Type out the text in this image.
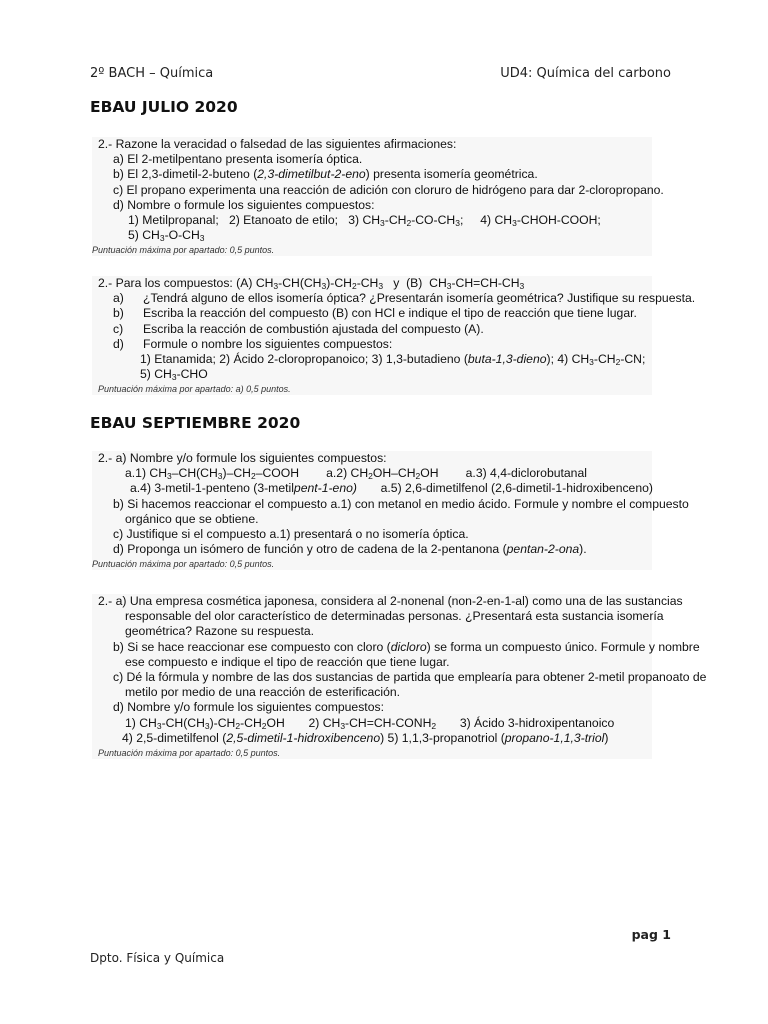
2º BACH – Química	UD4: Química del carbono
EBAU JULIO 2020
2.- Razone la veracidad o falsedad de las siguientes afirmaciones:
a) El 2-metilpentano presenta isomería óptica.
b) El 2,3-dimetil-2-buteno (2,3-dimetilbut-2-eno) presenta isomería geométrica.
c) El propano experimenta una reacción de adición con cloruro de hidrógeno para dar 2-cloropropano.
d) Nombre o formule los siguientes compuestos:
1) Metilpropanal; 2) Etanoato de etilo; 3) $CH_3-CH_2-CO-CH_3$;     4) $CH_3-CHOH$-COOH;
5) $CH_3-O-CH_3$
Puntuación máxima por apartado: 0,5 puntos.
2.- Para los compuestos: (A) $CH_3-CH(CH_3)-CH_2-CH_3$   y  (B)  $CH_3-CH=CH-CH_3$
a) ¿Tendrá alguno de ellos isomería óptica? ¿Presentarán isomería geométrica? Justifique su respuesta.
b) Escriba la reacción del compuesto (B) con HCl e indique el tipo de reacción que tiene lugar.
c) Escriba la reacción de combustión ajustada del compuesto (A).
d) Formule o nombre los siguientes compuestos:
1) Etanamida; 2) Ácido 2-cloropropanoico; 3) 1,3-butadieno (buta-1,3-dieno); 4) $CH_3-CH_2-CN$;
5) $CH_3$-CHO
Puntuación máxima por apartado: a) 0,5 puntos.
EBAU SEPTIEMBRE 2020
2.- a) Nombre y/o formule los siguientes compuestos:
a.1) $CH_3-CH(CH_3)-CH_2$–COOH        a.2) $CH_2OH-CH_2OH$        a.3) 4,4-diclorobutanal
a.4) 3-metil-1-penteno (3-metilpent-1-eno) a.5) 2,6-dimetilfenol (2,6-dimetil-1-hidroxibenceno)
b) Si hacemos reaccionar el compuesto a.1) con metanol en medio ácido. Formule y nombre el compuesto
orgánico que se obtiene.
c) Justifique si el compuesto a.1) presentará o no isomería óptica.
d) Proponga un isómero de función y otro de cadena de la 2-pentanona (pentan-2-ona).
Puntuación máxima por apartado: 0,5 puntos.
2.- a) Una empresa cosmética japonesa, considera al 2-nonenal (non-2-en-1-al) como una de las sustancias
responsable del olor característico de determinadas personas. ¿Presentará esta sustancia isomería
geométrica? Razone su respuesta.
b) Si se hace reaccionar ese compuesto con cloro (dicloro) se forma un compuesto único. Formule y nombre
ese compuesto e indique el tipo de reacción que tiene lugar.
c) Dé la fórmula y nombre de las dos sustancias de partida que emplearía para obtener 2-metil propanoato de
metilo por medio de una reacción de esterificación.
d) Nombre y/o formule los siguientes compuestos:
1) $CH_3-CH(CH_3)-CH_2-CH_2OH$       2) $CH_3-CH=CH-CONH_2$ 3) Ácido 3-hidroxipentanoico
4) 2,5-dimetilfenol (2,5-dimetil-1-hidroxibenceno) 5) 1,1,3-propanotriol (propano-1,1,3-triol)
Puntuación máxima por apartado: 0,5 puntos.
pag 1
Dpto. Física y Química
